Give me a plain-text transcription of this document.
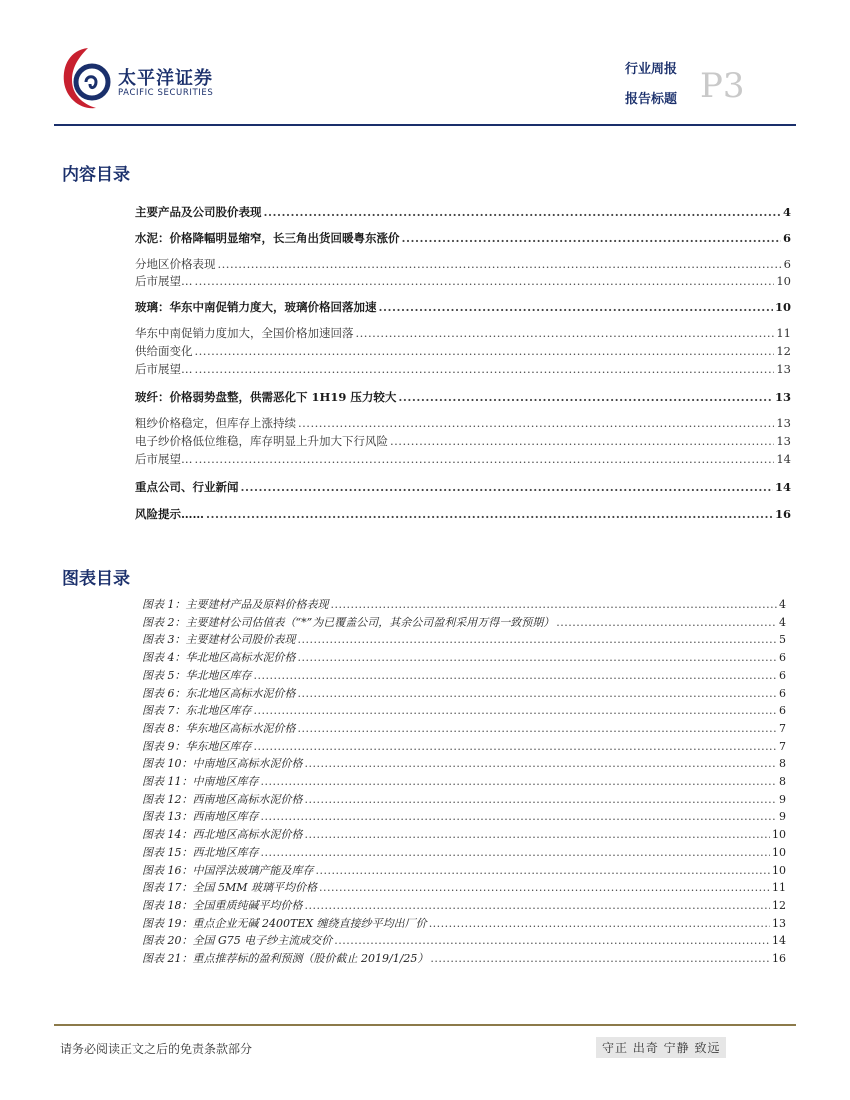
太平洋证券
PACIFIC SECURITIES
行业周报
报告标题 P3
内容目录
主要产品及公司股价表现 .....	4
水泥：价格降幅明显缩窄，长三角出货回暖粤东涨价 .....	6
分地区价格表现 .....	6
后市展望… .....	10
玻璃：华东中南促销力度大，玻璃价格回落加速 .....	10
华东中南促销力度加大，全国价格加速回落 .....	11
供给面变化 .....	12
后市展望… .....	13
玻纤：价格弱势盘整，供需恶化下 1H19 压力较大 .....	13
粗纱价格稳定，但库存上涨持续 .....	13
电子纱价格低位维稳，库存明显上升加大下行风险 .....	13
后市展望… .....	14
重点公司、行业新闻 .....	14
风险提示…… .....	16
图表目录
图表 1：主要建材产品及原料价格表现 .....	4
图表 2：主要建材公司估值表（“*”为已覆盖公司，其余公司盈利采用万得一致预期） .....	4
图表 3：主要建材公司股价表现 .....	5
图表 4：华北地区高标水泥价格 .....	6
图表 5：华北地区库存 .....	6
图表 6：东北地区高标水泥价格 .....	6
图表 7：东北地区库存 .....	6
图表 8：华东地区高标水泥价格 .....	7
图表 9：华东地区库存 .....	7
图表 10：中南地区高标水泥价格 .....	8
图表 11：中南地区库存 .....	8
图表 12：西南地区高标水泥价格 .....	9
图表 13：西南地区库存 .....	9
图表 14：西北地区高标水泥价格 .....	10
图表 15：西北地区库存 .....	10
图表 16：中国浮法玻璃产能及库存 .....	10
图表 17：全国 5MM 玻璃平均价格 .....	11
图表 18：全国重质纯碱平均价格 .....	12
图表 19：重点企业无碱 2400TEX 缠绕直接纱平均出厂价 .....	13
图表 20：全国 G75 电子纱主流成交价 .....	14
图表 21：重点推荐标的盈利预测（股价截止 2019/1/25） .....	16
请务必阅读正文之后的免责条款部分	守正 出奇 宁静 致远
